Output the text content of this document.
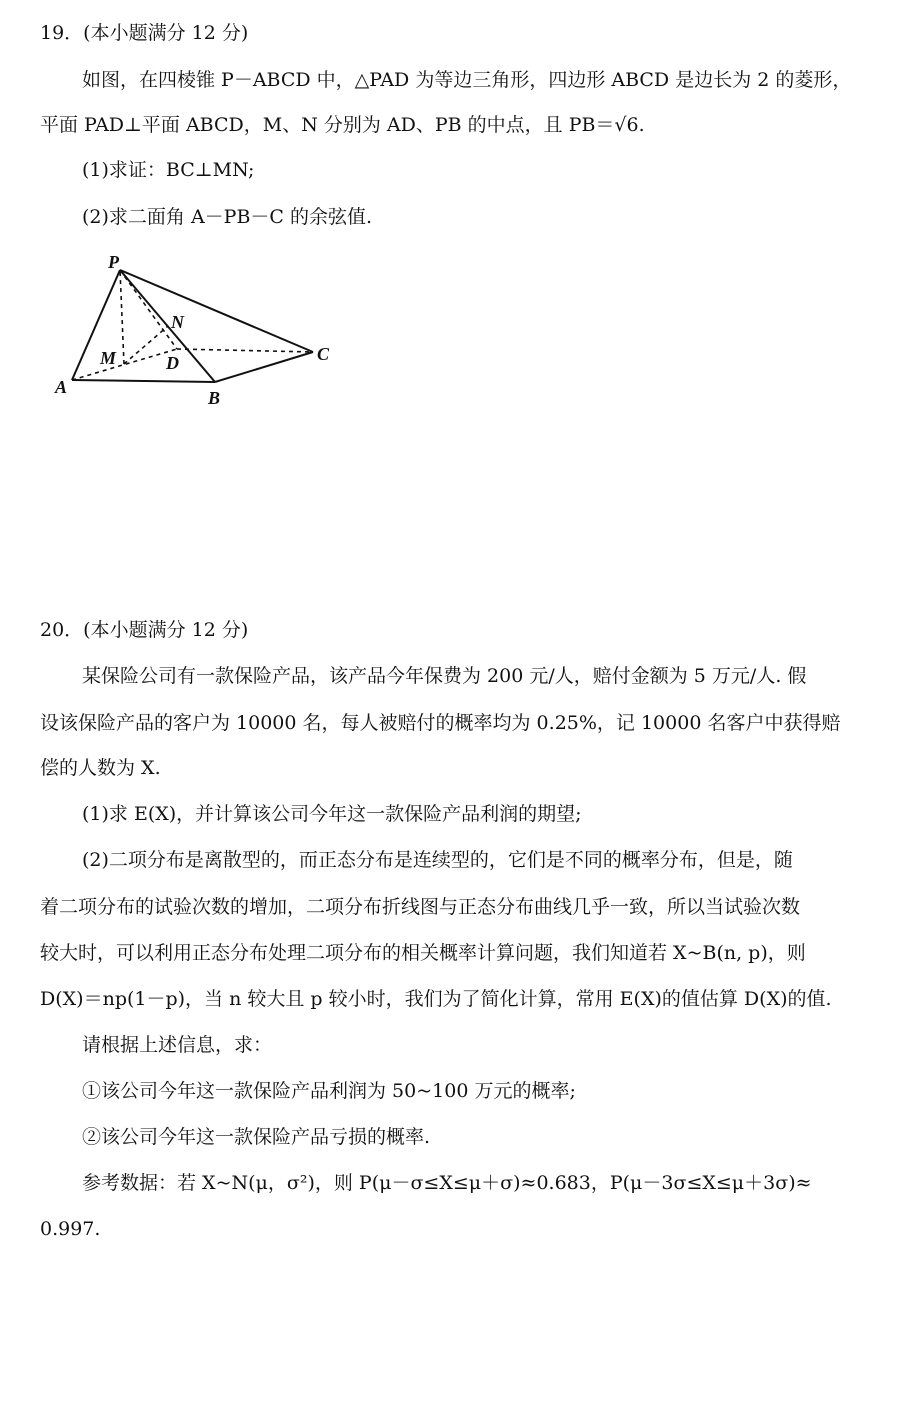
19．(本小题满分 12 分)
如图，在四棱锥 P－ABCD 中，△PAD 为等边三角形，四边形 ABCD 是边长为 2 的菱形，
平面 PAD⊥平面 ABCD，M、N 分别为 AD、PB 的中点，且 PB＝√6.
(1)求证：BC⊥MN;
(2)求二面角 A－PB－C 的余弦值.
P
N
M	D	C
A
B
20．(本小题满分 12 分)
某保险公司有一款保险产品，该产品今年保费为 200 元/人，赔付金额为 5 万元/人. 假
设该保险产品的客户为 10000 名，每人被赔付的概率均为 0.25%，记 10000 名客户中获得赔
偿的人数为 X.
(1)求 E(X)，并计算该公司今年这一款保险产品利润的期望;
(2)二项分布是离散型的，而正态分布是连续型的，它们是不同的概率分布，但是，随
着二项分布的试验次数的增加，二项分布折线图与正态分布曲线几乎一致，所以当试验次数
较大时，可以利用正态分布处理二项分布的相关概率计算问题，我们知道若 X~B(n, p)，则
D(X)＝np(1－p)，当 n 较大且 p 较小时，我们为了简化计算，常用 E(X)的值估算 D(X)的值.
请根据上述信息，求：
①该公司今年这一款保险产品利润为 50~100 万元的概率;
②该公司今年这一款保险产品亏损的概率.
参考数据：若 X~N(μ，σ²)，则 P(μ－σ≤X≤μ＋σ)≈0.683，P(μ－3σ≤X≤μ＋3σ)≈
0.997.
